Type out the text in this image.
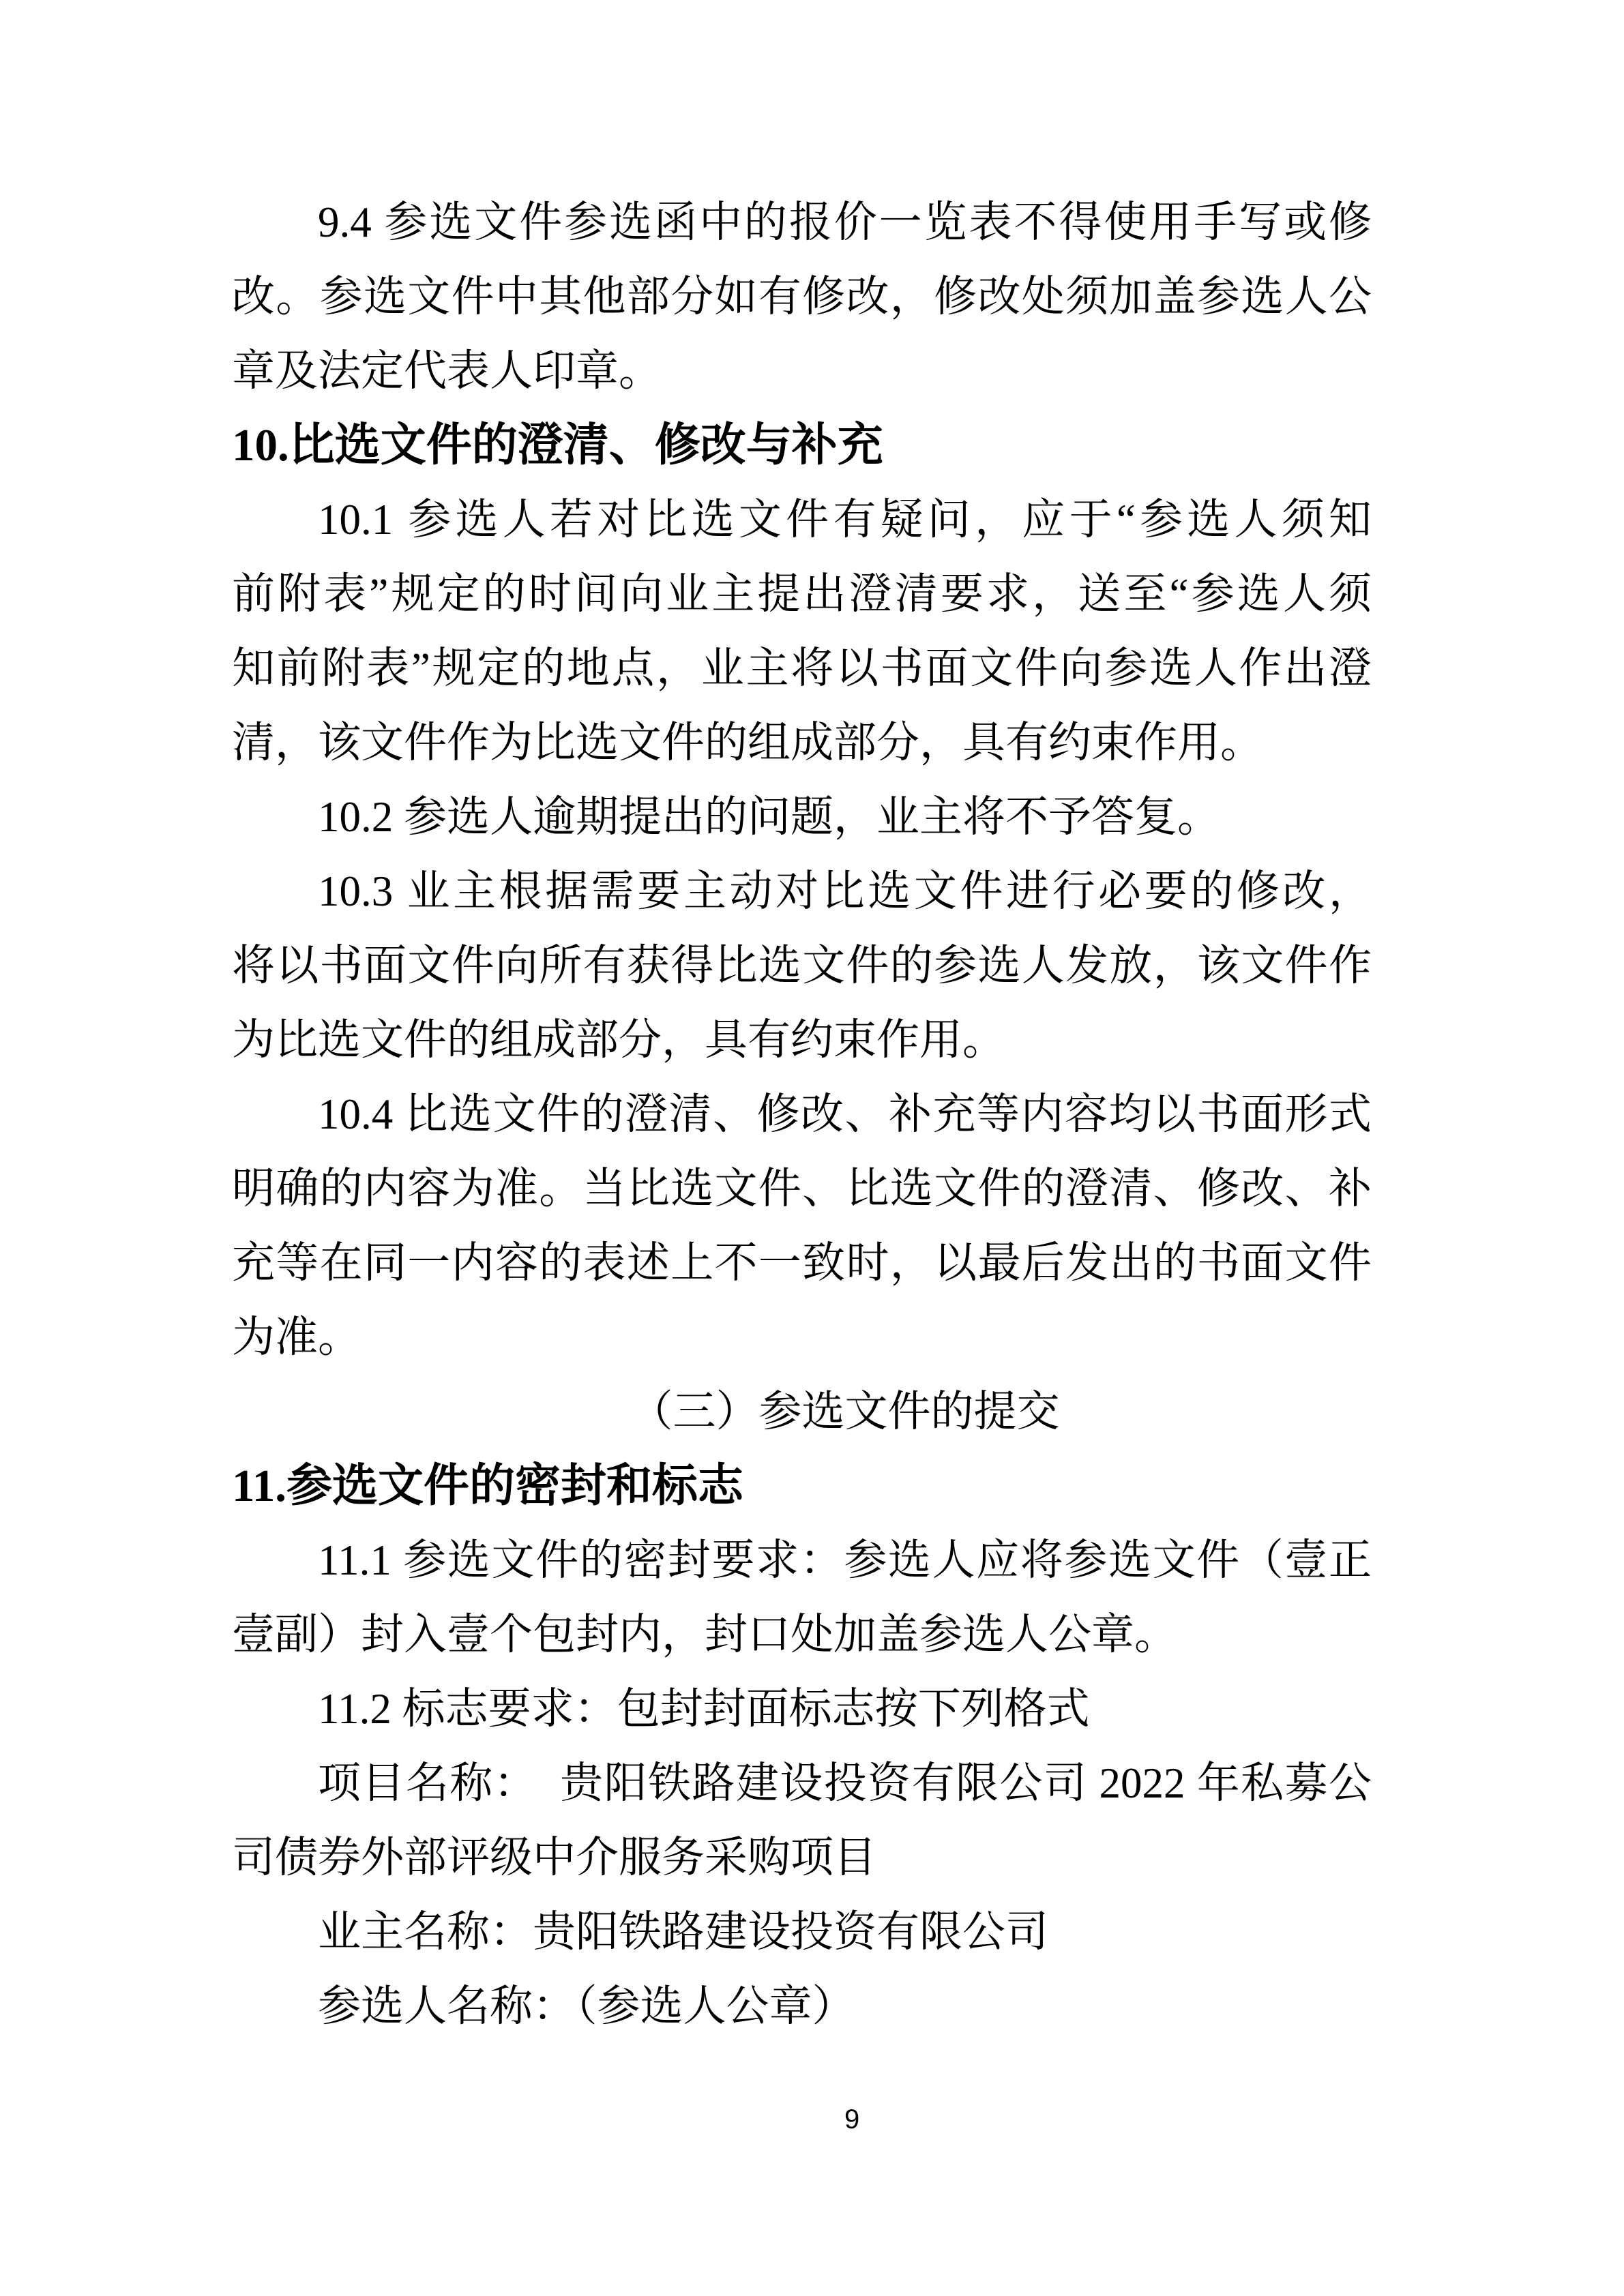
9.4 参选文件参选函中的报价一览表不得使用手写或修
改。参选文件中其他部分如有修改，修改处须加盖参选人公
章及法定代表人印章。
10.比选文件的澄清、修改与补充
10.1 参选人若对比选文件有疑问，应于“参选人须知
前附表”规定的时间向业主提出澄清要求，送至“参选人须
知前附表”规定的地点，业主将以书面文件向参选人作出澄
清，该文件作为比选文件的组成部分，具有约束作用。
10.2 参选人逾期提出的问题，业主将不予答复。
10.3 业主根据需要主动对比选文件进行必要的修改，
将以书面文件向所有获得比选文件的参选人发放，该文件作
为比选文件的组成部分，具有约束作用。
10.4 比选文件的澄清、修改、补充等内容均以书面形式
明确的内容为准。当比选文件、比选文件的澄清、修改、补
充等在同一内容的表述上不一致时，以最后发出的书面文件
为准。
（三）参选文件的提交
11.参选文件的密封和标志
11.1 参选文件的密封要求：参选人应将参选文件（壹正
壹副）封入壹个包封内，封口处加盖参选人公章。
11.2 标志要求：包封封面标志按下列格式
项目名称：　贵阳铁路建设投资有限公司 2022 年私募公
司债券外部评级中介服务采购项目
业主名称：贵阳铁路建设投资有限公司
参选人名称：（参选人公章）
9
